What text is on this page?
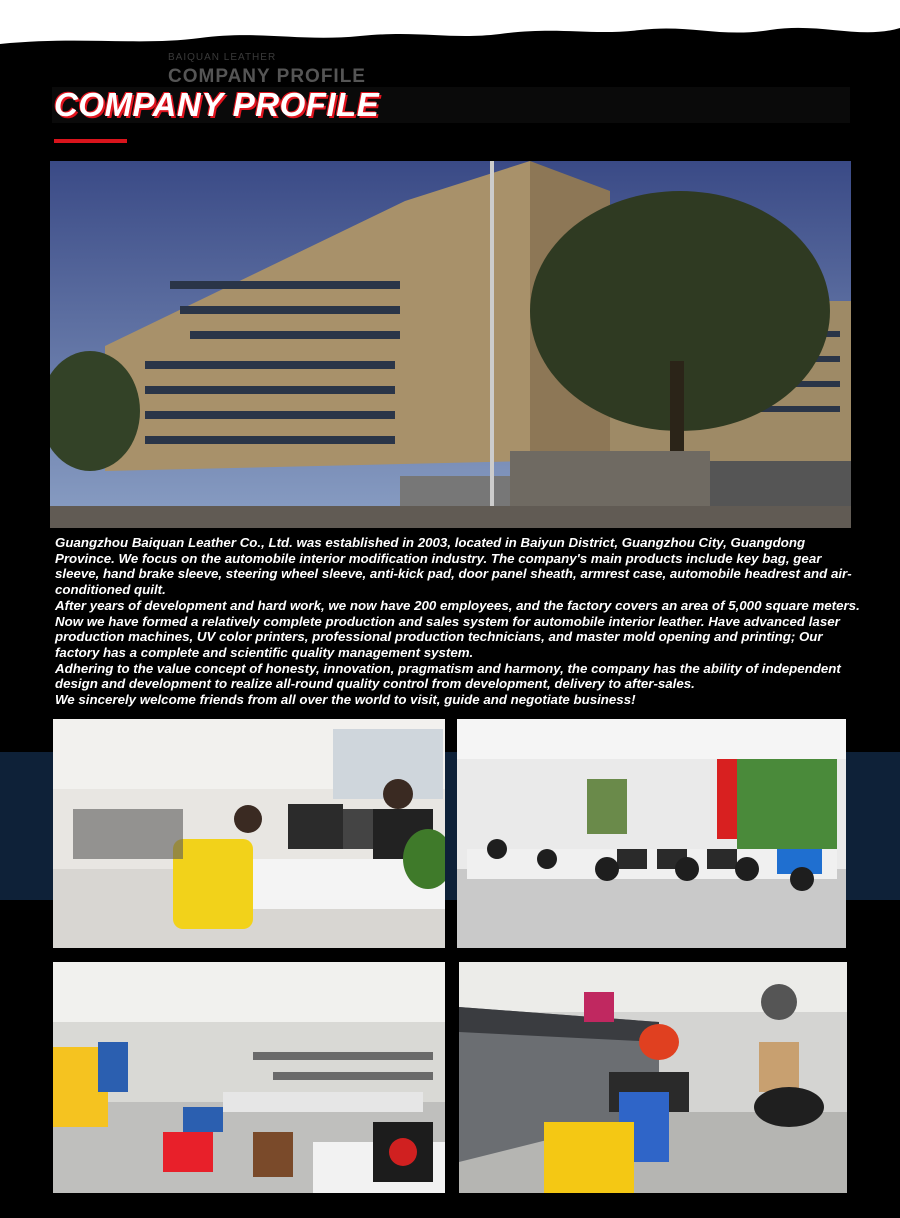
BAIQUAN LEATHER
COMPANY PROFILE
COMPANY PROFILE

Guangzhou Baiquan Leather Co., Ltd. was established in 2003, located in Baiyun District, Guangzhou City, Guangdong Province. We focus on the automobile interior modification industry. The company's main products include key bag, gear sleeve, hand brake sleeve, steering wheel sleeve, anti-kick pad, door panel sheath, armrest case, automobile headrest and air-conditioned quilt.

After years of development and hard work, we now have 200 employees, and the factory covers an area of 5,000 square meters. Now we have formed a relatively complete production and sales system for automobile interior leather. Have advanced laser production machines, UV color printers, professional production technicians, and master mold opening and printing; Our factory has a complete and scientific quality management system.

Adhering to the value concept of honesty, innovation, pragmatism and harmony, the company has the ability of independent design and development to realize all-round quality control from development, delivery to after-sales.

We sincerely welcome friends from all over the world to visit, guide and negotiate business!
